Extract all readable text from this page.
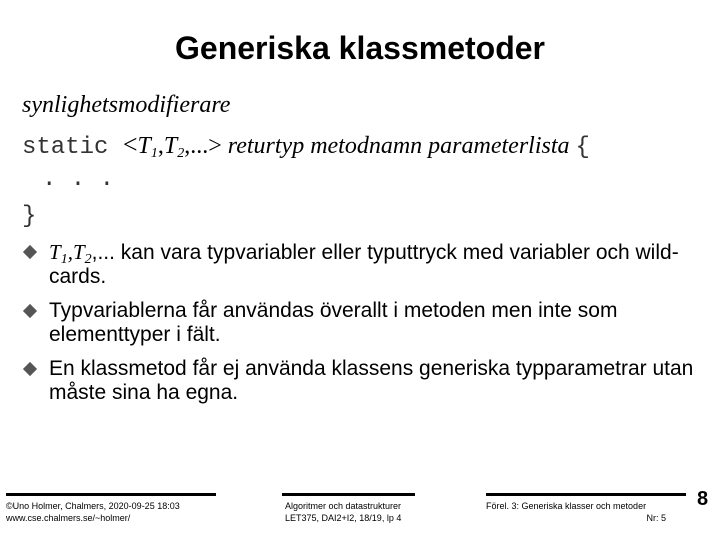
Generiska klassmetoder
synlighetsmodifierare
static $<T_1,T_2,...>$ returtyp metodnamn parameterlista {
. . .
}
$T_1,T_2$,... kan vara typvariabler eller typuttryck med variabler och wild-cards.
Typvariablerna får användas överallt i metoden men inte som elementtyper i fält.
En klassmetod får ej använda klassens generiska typparametrar utan måste sina ha egna.
©Uno Holmer, Chalmers, 2020-09-25 18:03
www.cse.chalmers.se/~holmer/
Algoritmer och datastrukturer
LET375, DAI2+I2, 18/19, lp 4
Förel. 3: Generiska klasser och metoder
Nr: 5
8
